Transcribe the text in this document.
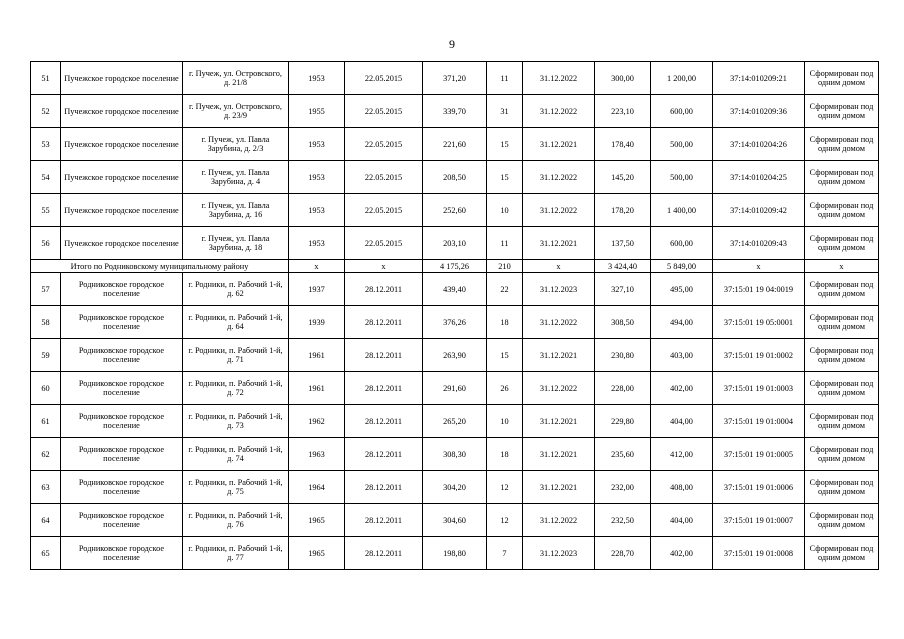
9
51	Пучежское городское поселение	г. Пучеж, ул. Островского, д. 21/8	1953	22.05.2015	371,20	11	31.12.2022	300,00	1 200,00	37:14:010209:21	Сформирован под одним домом
52	Пучежское городское поселение	г. Пучеж, ул. Островского, д. 23/9	1955	22.05.2015	339,70	31	31.12.2022	223,10	600,00	37:14:010209:36	Сформирован под одним домом
53	Пучежское городское поселение	г. Пучеж, ул. Павла Зарубина, д. 2/3	1953	22.05.2015	221,60	15	31.12.2021	178,40	500,00	37:14:010204:26	Сформирован под одним домом
54	Пучежское городское поселение	г. Пучеж, ул. Павла Зарубина, д. 4	1953	22.05.2015	208,50	15	31.12.2022	145,20	500,00	37:14:010204:25	Сформирован под одним домом
55	Пучежское городское поселение	г. Пучеж, ул. Павла Зарубина, д. 16	1953	22.05.2015	252,60	10	31.12.2022	178,20	1 400,00	37:14:010209:42	Сформирован под одним домом
56	Пучежское городское поселение	г. Пучеж, ул. Павла Зарубина, д. 18	1953	22.05.2015	203,10	11	31.12.2021	137,50	600,00	37:14:010209:43	Сформирован под одним домом
Итого по Родниковскому муниципальному району			х	х	4 175,26	210	х	3 424,40	5 849,00	х	х
57	Родниковское городское поселение	г. Родники, п. Рабочий 1-й, д. 62	1937	28.12.2011	439,40	22	31.12.2023	327,10	495,00	37:15:01 19 04:0019	Сформирован под одним домом
58	Родниковское городское поселение	г. Родники, п. Рабочий 1-й, д. 64	1939	28.12.2011	376,26	18	31.12.2022	308,50	494,00	37:15:01 19 05:0001	Сформирован под одним домом
59	Родниковское городское поселение	г. Родники, п. Рабочий 1-й, д. 71	1961	28.12.2011	263,90	15	31.12.2021	230,80	403,00	37:15:01 19 01:0002	Сформирован под одним домом
60	Родниковское городское поселение	г. Родники, п. Рабочий 1-й, д. 72	1961	28.12.2011	291,60	26	31.12.2022	228,00	402,00	37:15:01 19 01:0003	Сформирован под одним домом
61	Родниковское городское поселение	г. Родники, п. Рабочий 1-й, д. 73	1962	28.12.2011	265,20	10	31.12.2021	229,80	404,00	37:15:01 19 01:0004	Сформирован под одним домом
62	Родниковское городское поселение	г. Родники, п. Рабочий 1-й, д. 74	1963	28.12.2011	308,30	18	31.12.2021	235,60	412,00	37:15:01 19 01:0005	Сформирован под одним домом
63	Родниковское городское поселение	г. Родники, п. Рабочий 1-й, д. 75	1964	28.12.2011	304,20	12	31.12.2021	232,00	408,00	37:15:01 19 01:0006	Сформирован под одним домом
64	Родниковское городское поселение	г. Родники, п. Рабочий 1-й, д. 76	1965	28.12.2011	304,60	12	31.12.2022	232,50	404,00	37:15:01 19 01:0007	Сформирован под одним домом
65	Родниковское городское поселение	г. Родники, п. Рабочий 1-й, д. 77	1965	28.12.2011	198,80	7	31.12.2023	228,70	402,00	37:15:01 19 01:0008	Сформирован под одним домом
